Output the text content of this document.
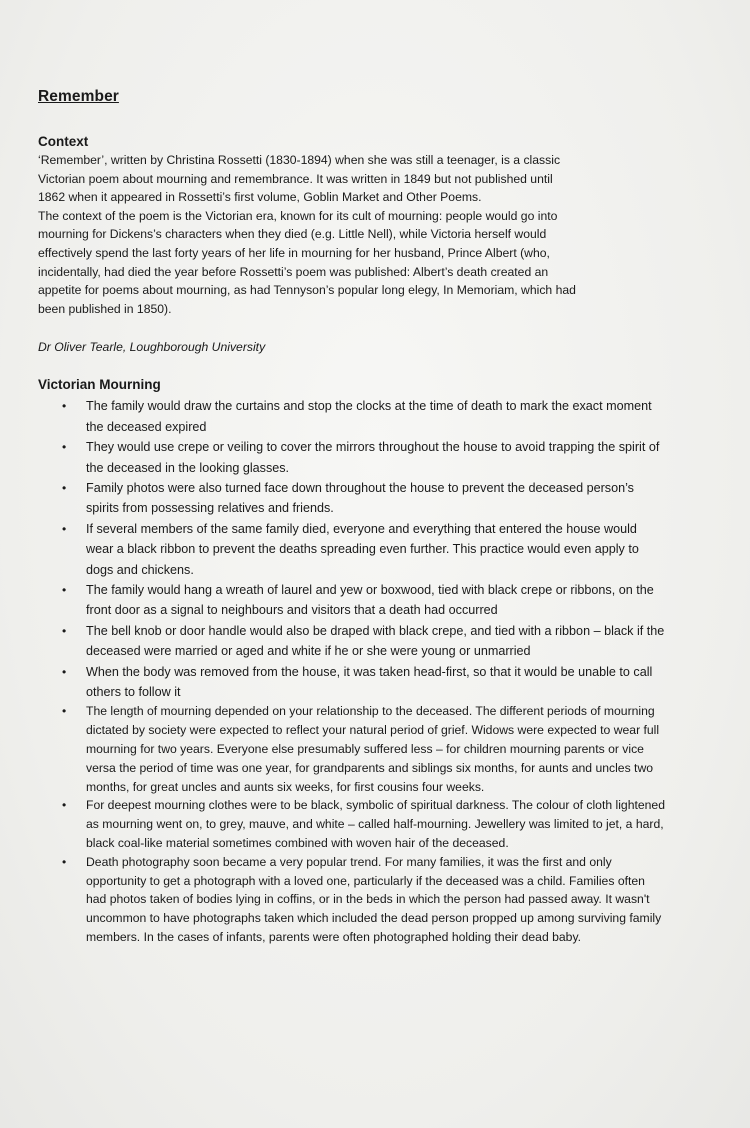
Remember
Context
‘Remember’, written by Christina Rossetti (1830-1894) when she was still a teenager, is a classic
Victorian poem about mourning and remembrance. It was written in 1849 but not published until
1862 when it appeared in Rossetti’s first volume, Goblin Market and Other Poems.
The context of the poem is the Victorian era, known for its cult of mourning: people would go into
mourning for Dickens’s characters when they died (e.g. Little Nell), while Victoria herself would
effectively spend the last forty years of her life in mourning for her husband, Prince Albert (who,
incidentally, had died the year before Rossetti’s poem was published: Albert’s death created an
appetite for poems about mourning, as had Tennyson’s popular long elegy, In Memoriam, which had
been published in 1850).
Dr Oliver Tearle, Loughborough University
Victorian Mourning
• The family would draw the curtains and stop the clocks at the time of death to mark the exact moment the deceased expired
• They would use crepe or veiling to cover the mirrors throughout the house to avoid trapping the spirit of the deceased in the looking glasses.
• Family photos were also turned face down throughout the house to prevent the deceased person’s spirits from possessing relatives and friends.
• If several members of the same family died, everyone and everything that entered the house would wear a black ribbon to prevent the deaths spreading even further. This practice would even apply to dogs and chickens.
• The family would hang a wreath of laurel and yew or boxwood, tied with black crepe or ribbons, on the front door as a signal to neighbours and visitors that a death had occurred
• The bell knob or door handle would also be draped with black crepe, and tied with a ribbon – black if the deceased were married or aged and white if he or she were young or unmarried
• When the body was removed from the house, it was taken head-first, so that it would be unable to call others to follow it
• The length of mourning depended on your relationship to the deceased. The different periods of mourning dictated by society were expected to reflect your natural period of grief. Widows were expected to wear full mourning for two years. Everyone else presumably suffered less – for children mourning parents or vice versa the period of time was one year, for grandparents and siblings six months, for aunts and uncles two months, for great uncles and aunts six weeks, for first cousins four weeks.
• For deepest mourning clothes were to be black, symbolic of spiritual darkness. The colour of cloth lightened as mourning went on, to grey, mauve, and white – called half-mourning. Jewellery was limited to jet, a hard, black coal-like material sometimes combined with woven hair of the deceased.
• Death photography soon became a very popular trend. For many families, it was the first and only opportunity to get a photograph with a loved one, particularly if the deceased was a child. Families often had photos taken of bodies lying in coffins, or in the beds in which the person had passed away. It wasn't uncommon to have photographs taken which included the dead person propped up among surviving family members. In the cases of infants, parents were often photographed holding their dead baby.
